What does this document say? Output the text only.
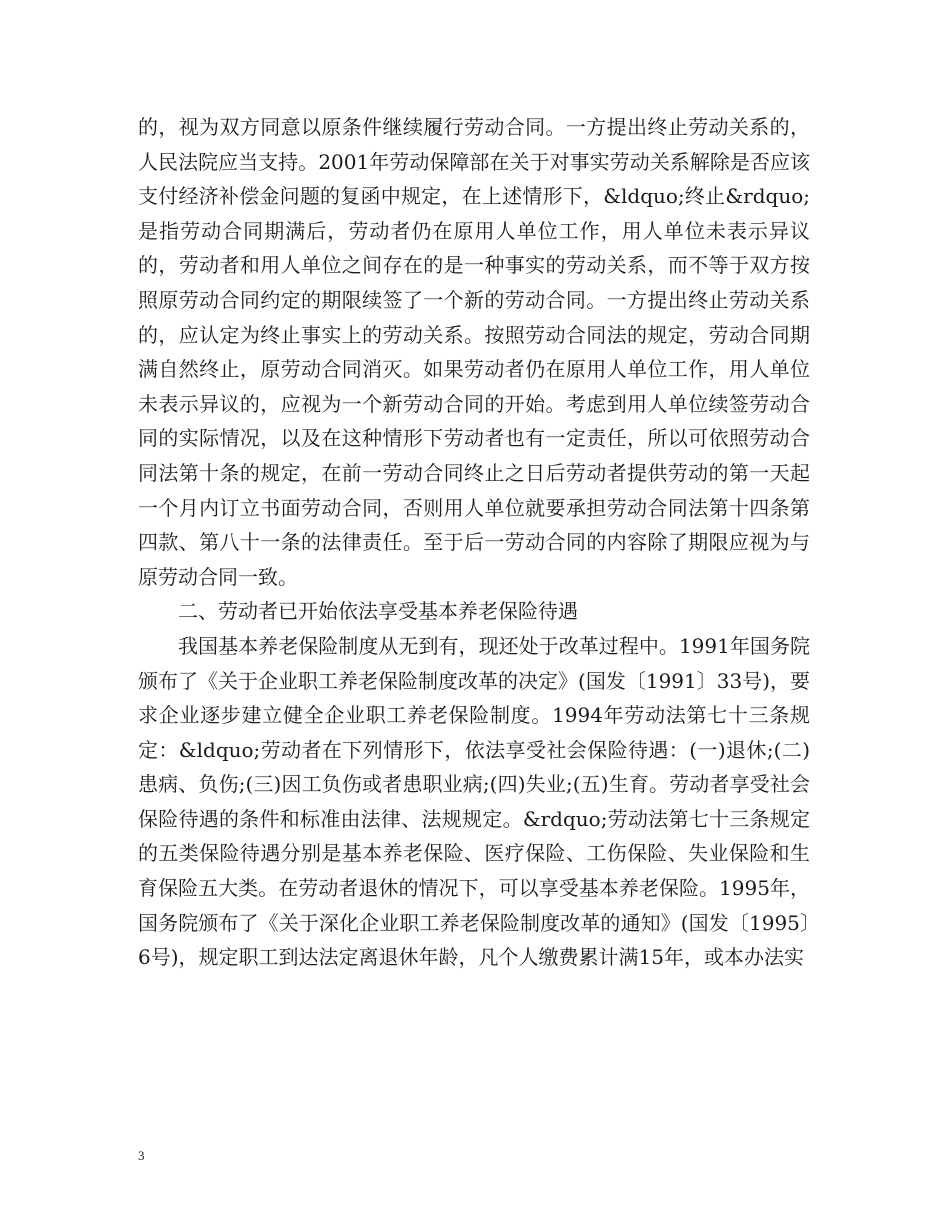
的，视为双方同意以原条件继续履行劳动合同。一方提出终止劳动关系的，人民法院应当支持。2001年劳动保障部在关于对事实劳动关系解除是否应该支付经济补偿金问题的复函中规定，在上述情形下，&ldquo;终止&rdquo;是指劳动合同期满后，劳动者仍在原用人单位工作，用人单位未表示异议的，劳动者和用人单位之间存在的是一种事实的劳动关系，而不等于双方按照原劳动合同约定的期限续签了一个新的劳动合同。一方提出终止劳动关系的，应认定为终止事实上的劳动关系。按照劳动合同法的规定，劳动合同期满自然终止，原劳动合同消灭。如果劳动者仍在原用人单位工作，用人单位未表示异议的，应视为一个新劳动合同的开始。考虑到用人单位续签劳动合同的实际情况，以及在这种情形下劳动者也有一定责任，所以可依照劳动合同法第十条的规定，在前一劳动合同终止之日后劳动者提供劳动的第一天起一个月内订立书面劳动合同，否则用人单位就要承担劳动合同法第十四条第四款、第八十一条的法律责任。至于后一劳动合同的内容除了期限应视为与原劳动合同一致。

二、劳动者已开始依法享受基本养老保险待遇

我国基本养老保险制度从无到有，现还处于改革过程中。1991年国务院颁布了《关于企业职工养老保险制度改革的决定》(国发〔1991〕33号)，要求企业逐步建立健全企业职工养老保险制度。1994年劳动法第七十三条规定：&ldquo;劳动者在下列情形下，依法享受社会保险待遇：(一)退休;(二)患病、负伤;(三)因工负伤或者患职业病;(四)失业;(五)生育。劳动者享受社会保险待遇的条件和标准由法律、法规规定。&rdquo;劳动法第七十三条规定的五类保险待遇分别是基本养老保险、医疗保险、工伤保险、失业保险和生育保险五大类。在劳动者退休的情况下，可以享受基本养老保险。1995年，国务院颁布了《关于深化企业职工养老保险制度改革的通知》(国发〔1995〕6号)，规定职工到达法定离退休年龄，凡个人缴费累计满15年，或本办法实

3
